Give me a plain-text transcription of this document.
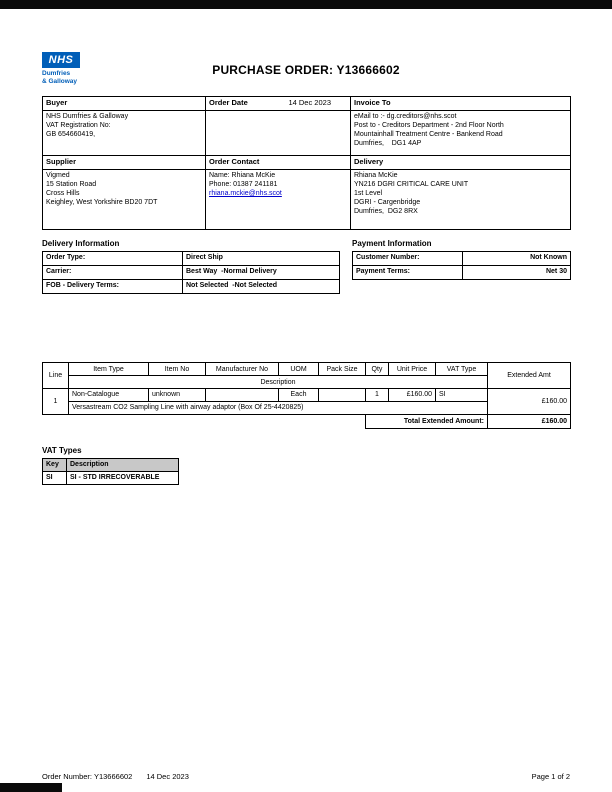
NHS
Dumfries
& Galloway
PURCHASE ORDER: Y13666602
Buyer	Order Date 14 Dec 2023	Invoice To

NHS Dumfries & Galloway
VAT Registration No:
GB 654660419,

eMail to :- dg.creditors@nhs.scot
Post to - Creditors Department - 2nd Floor North
Mountainhall Treatment Centre - Bankend Road
Dumfries,    DG1 4AP

Supplier	Order Contact	Delivery

Vigmed
15 Station Road
Cross Hills
Keighley, West Yorkshire BD20 7DT

Name: Rhiana McKie
Phone: 01387 241181
rhiana.mckie@nhs.scot

Rhiana McKie
YN216 DGRI CRITICAL CARE UNIT
1st Level
DGRI - Cargenbridge
Dumfries,  DG2 8RX
Delivery Information
Order Type:	Direct Ship
Carrier:	Best Way  -Normal Delivery
FOB - Delivery Terms:	Not Selected  -Not Selected
Payment Information
Customer Number:	Not Known
Payment Terms:	Net 30
Line	Item Type	Item No	Manufacturer No	UOM	Pack Size	Qty	Unit Price	VAT Type	Extended Amt
	Description								
1	Non-Catalogue	unknown		Each		1	£160.00	SI	£160.00
	Versastream CO2 Sampling Line with airway adaptor (Box Of 25-4420825)								
						Total Extended Amount:			£160.00
VAT Types
Key	Description
SI	SI - STD IRRECOVERABLE
Order Number: Y13666602 14 Dec 2023	Page 1 of 2
